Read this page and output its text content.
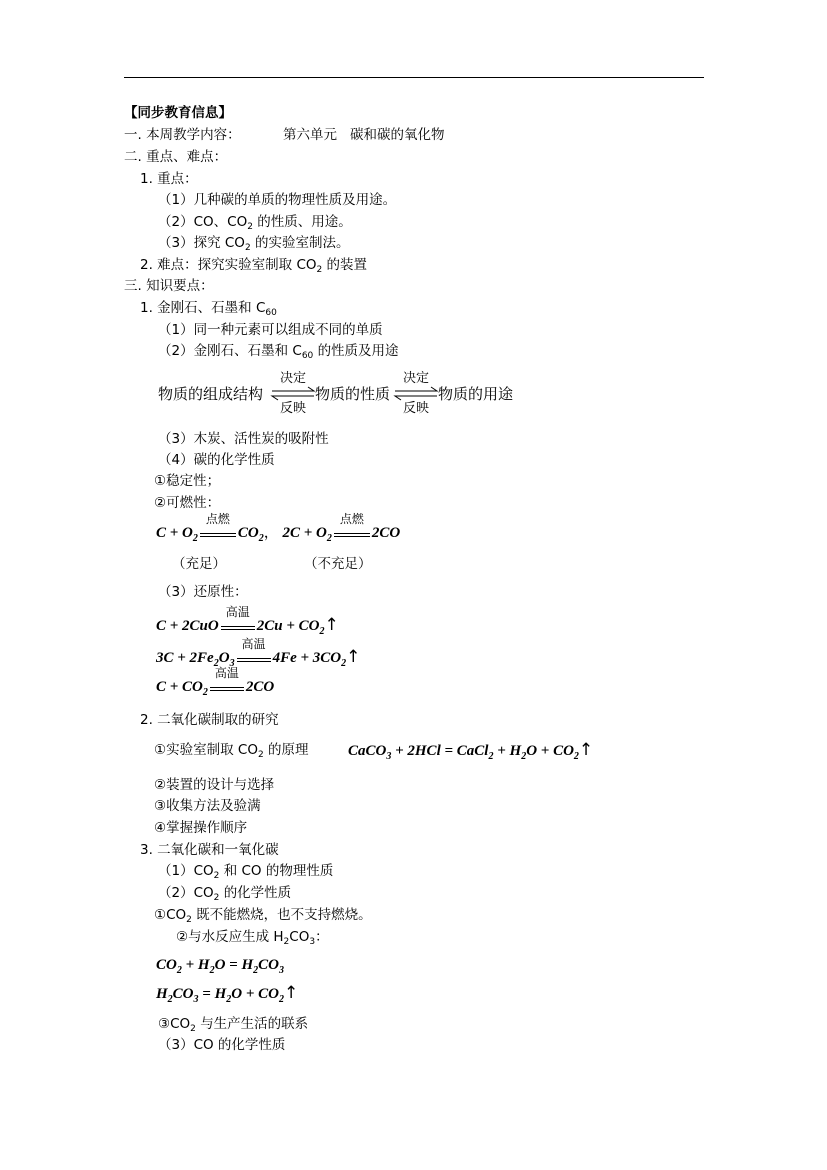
【同步教育信息】
一. 本周教学内容：	第六单元 碳和碳的氧化物
二. 重点、难点：
1. 重点：
（1）几种碳的单质的物理性质及用途。
（2）CO、$CO_2$ 的性质、用途。
（3）探究 $CO_2$ 的实验室制法。
2. 难点：探究实验室制取 $CO_2$ 的装置
三. 知识要点：
1. 金刚石、石墨和 $C_{60}$
（1）同一种元素可以组成不同的单质
（2）金刚石、石墨和 $C_{60}$ 的性质及用途
物质的组成结构
决定
反映
物质的性质
决定
反映
物质的用途
（3）木炭、活性炭的吸附性
（4）碳的化学性质
①稳定性；
②可燃性：
$C + O_2$
点燃
$CO_2$， $2C + O_2$
点燃
2CO
（充足）	（不充足）
（3）还原性：
C + 2CuO
高温
$2Cu + CO_2↑$
$3C + 2Fe_2O_3$
高温
$4Fe + 3CO_2↑$
$C + CO_2$
高温
2CO
2. 二氧化碳制取的研究
①实验室制取 $CO_2$ 的原理	CaCO$_3$ + 2HCl = CaCl$_2$ + $H_2O$ + $CO_2↑$
②装置的设计与选择
③收集方法及验满
④掌握操作顺序
3. 二氧化碳和一氧化碳
$(1)CO_2$ 和 CO 的物理性质
$(2)CO_2$ 的化学性质
$①CO_2$ 既不能燃烧，也不支持燃烧。
②与水反应生成 $H_2CO_3$：
$CO_2 + H_2O = H_2CO_3$
$H_2CO_3 = H_2O$ + $CO_2↑$
$③CO_2$ 与生产生活的联系
（3）CO 的化学性质
